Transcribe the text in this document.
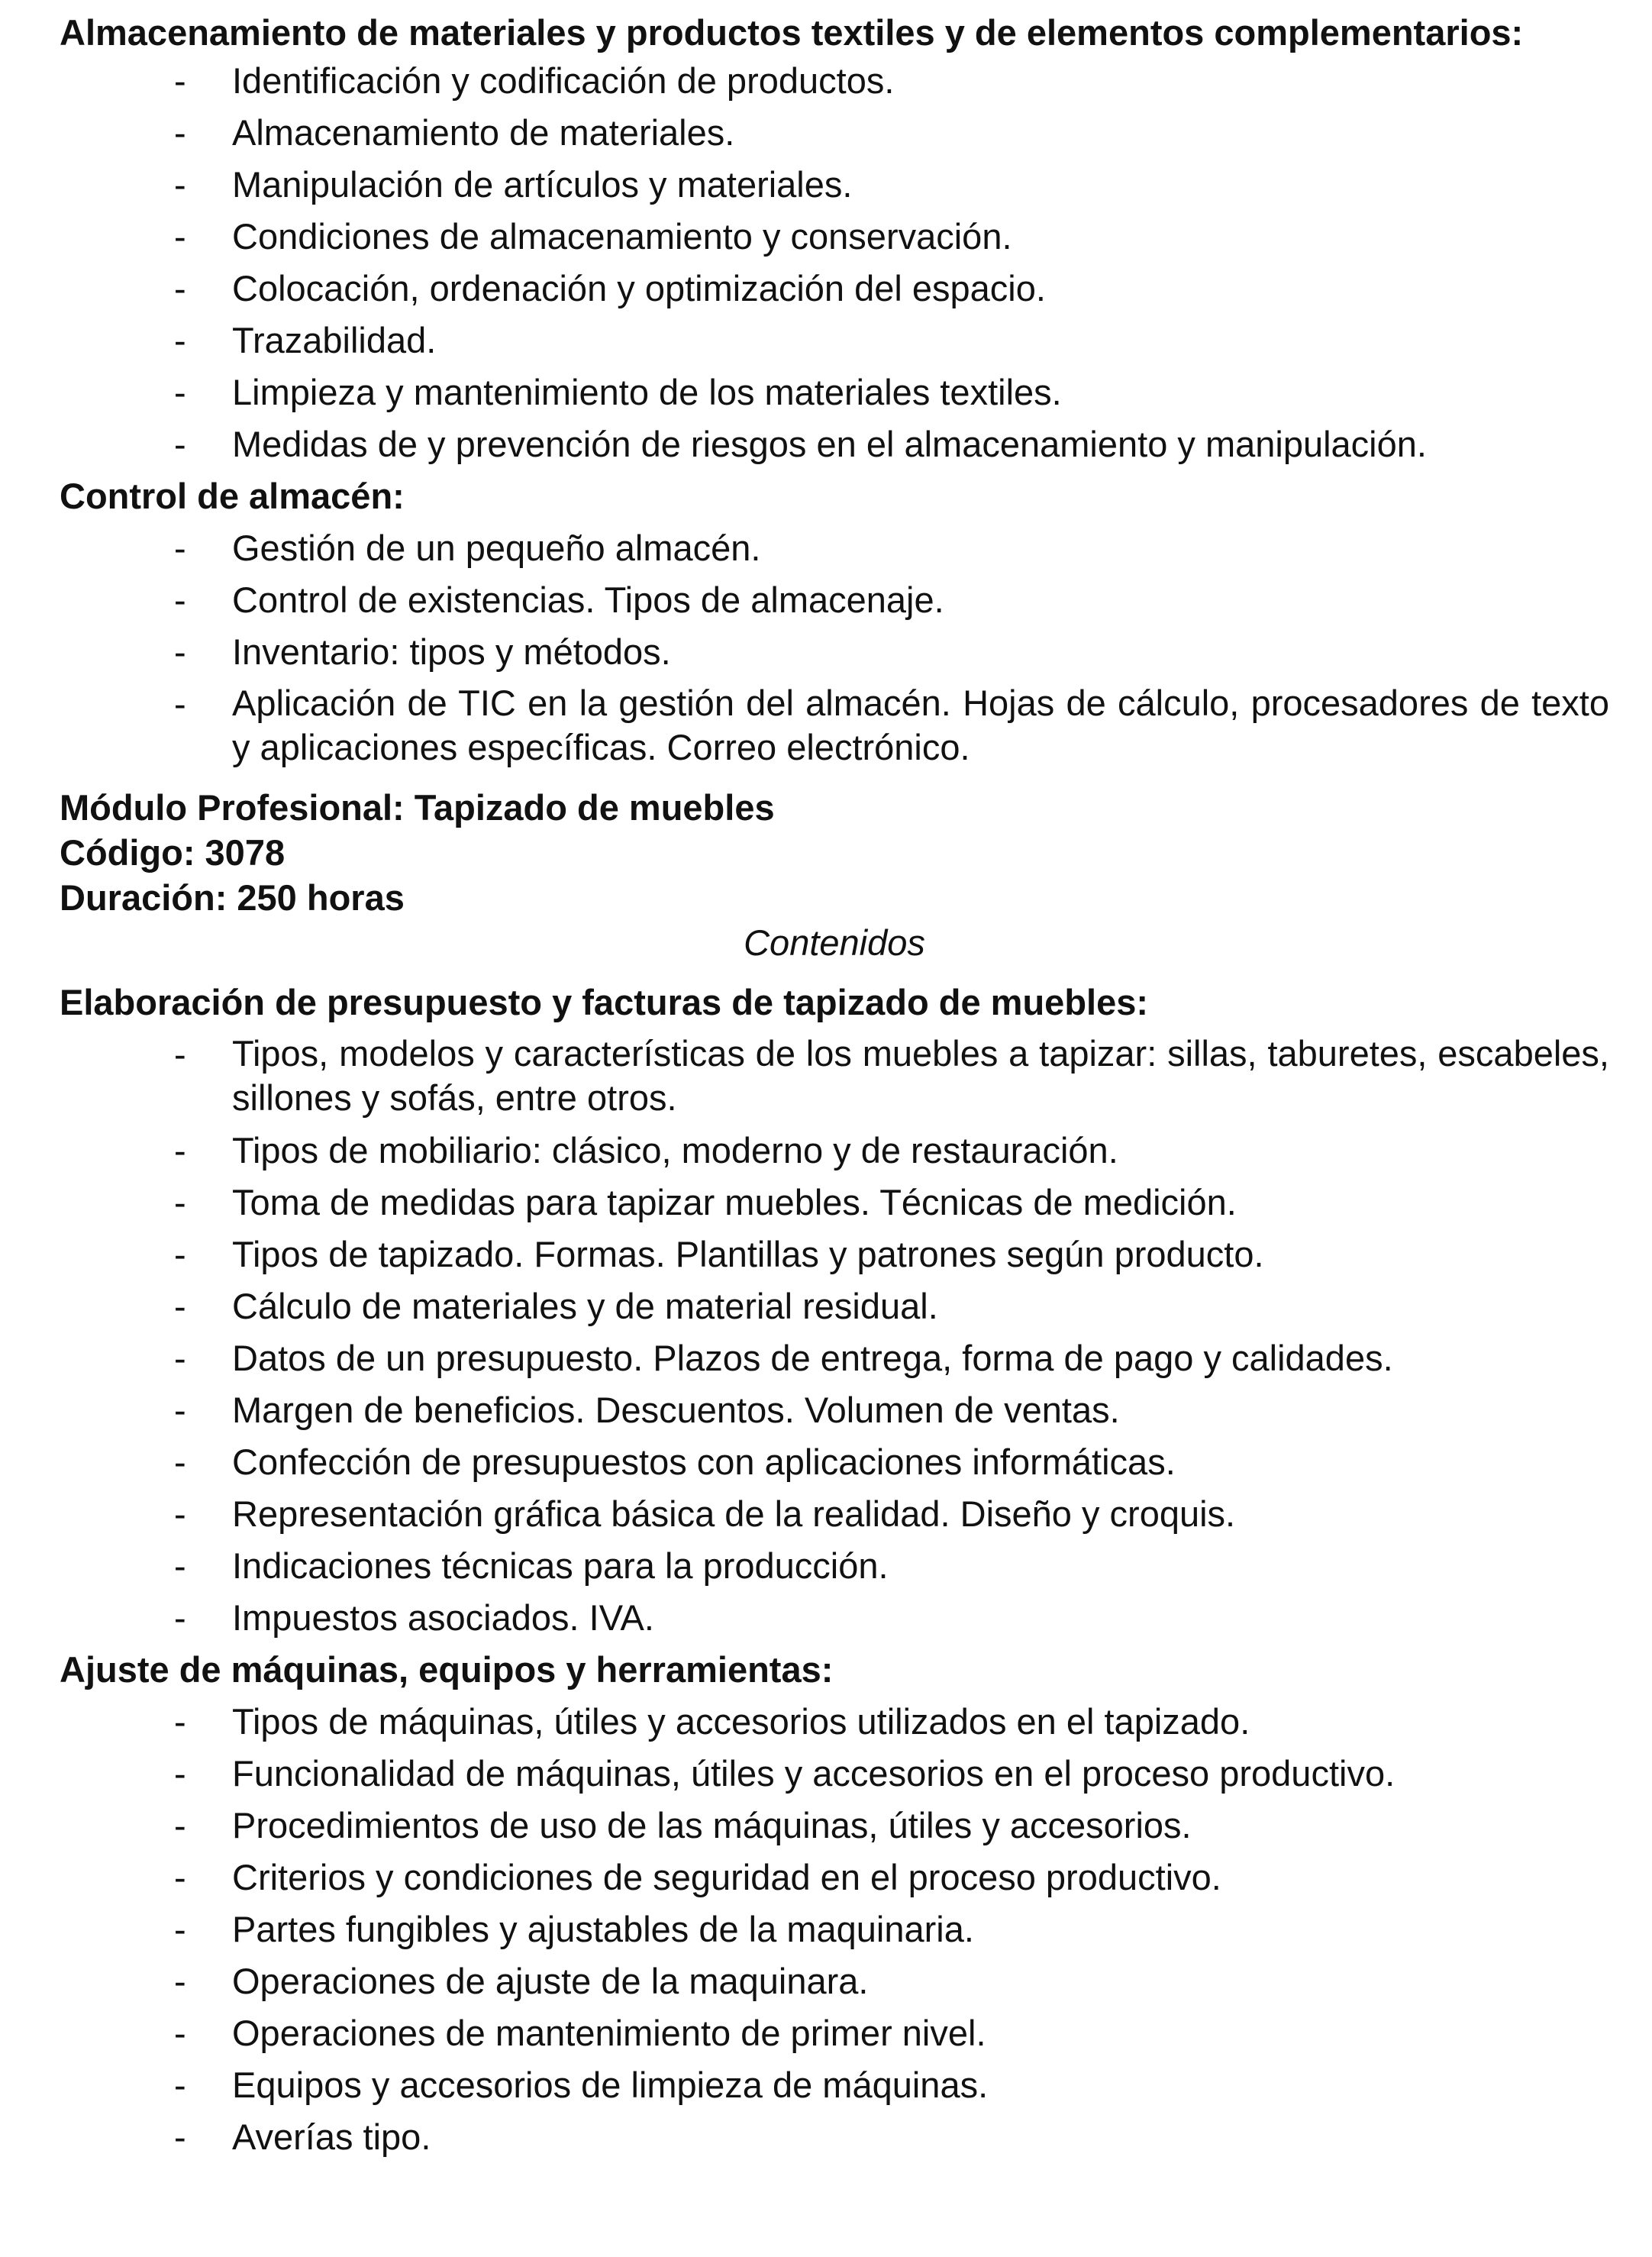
Almacenamiento de materiales y productos textiles y de elementos complementarios:

- Identificación y codificación de productos.
- Almacenamiento de materiales.
- Manipulación de artículos y materiales.
- Condiciones de almacenamiento y conservación.
- Colocación, ordenación y optimización del espacio.
- Trazabilidad.
- Limpieza y mantenimiento de los materiales textiles.
- Medidas de y prevención de riesgos en el almacenamiento y manipulación.

Control de almacén:

- Gestión de un pequeño almacén.
- Control de existencias. Tipos de almacenaje.
- Inventario: tipos y métodos.
- Aplicación de TIC en la gestión del almacén. Hojas de cálculo, procesadores de texto y aplicaciones específicas. Correo electrónico.

Módulo Profesional: Tapizado de muebles

Código: 3078

Duración: 250 horas

Contenidos

Elaboración de presupuesto y facturas de tapizado de muebles:

- Tipos, modelos y características de los muebles a tapizar: sillas, taburetes, escabeles, sillones y sofás, entre otros.
- Tipos de mobiliario: clásico, moderno y de restauración.
- Toma de medidas para tapizar muebles. Técnicas de medición.
- Tipos de tapizado. Formas. Plantillas y patrones según producto.
- Cálculo de materiales y de material residual.
- Datos de un presupuesto. Plazos de entrega, forma de pago y calidades.
- Margen de beneficios. Descuentos. Volumen de ventas.
- Confección de presupuestos con aplicaciones informáticas.
- Representación gráfica básica de la realidad. Diseño y croquis.
- Indicaciones técnicas para la producción.
- Impuestos asociados. IVA.

Ajuste de máquinas, equipos y herramientas:

- Tipos de máquinas, útiles y accesorios utilizados en el tapizado.
- Funcionalidad de máquinas, útiles y accesorios en el proceso productivo.
- Procedimientos de uso de las máquinas, útiles y accesorios.
- Criterios y condiciones de seguridad en el proceso productivo.
- Partes fungibles y ajustables de la maquinaria.
- Operaciones de ajuste de la maquinara.
- Operaciones de mantenimiento de primer nivel.
- Equipos y accesorios de limpieza de máquinas.
- Averías tipo.
